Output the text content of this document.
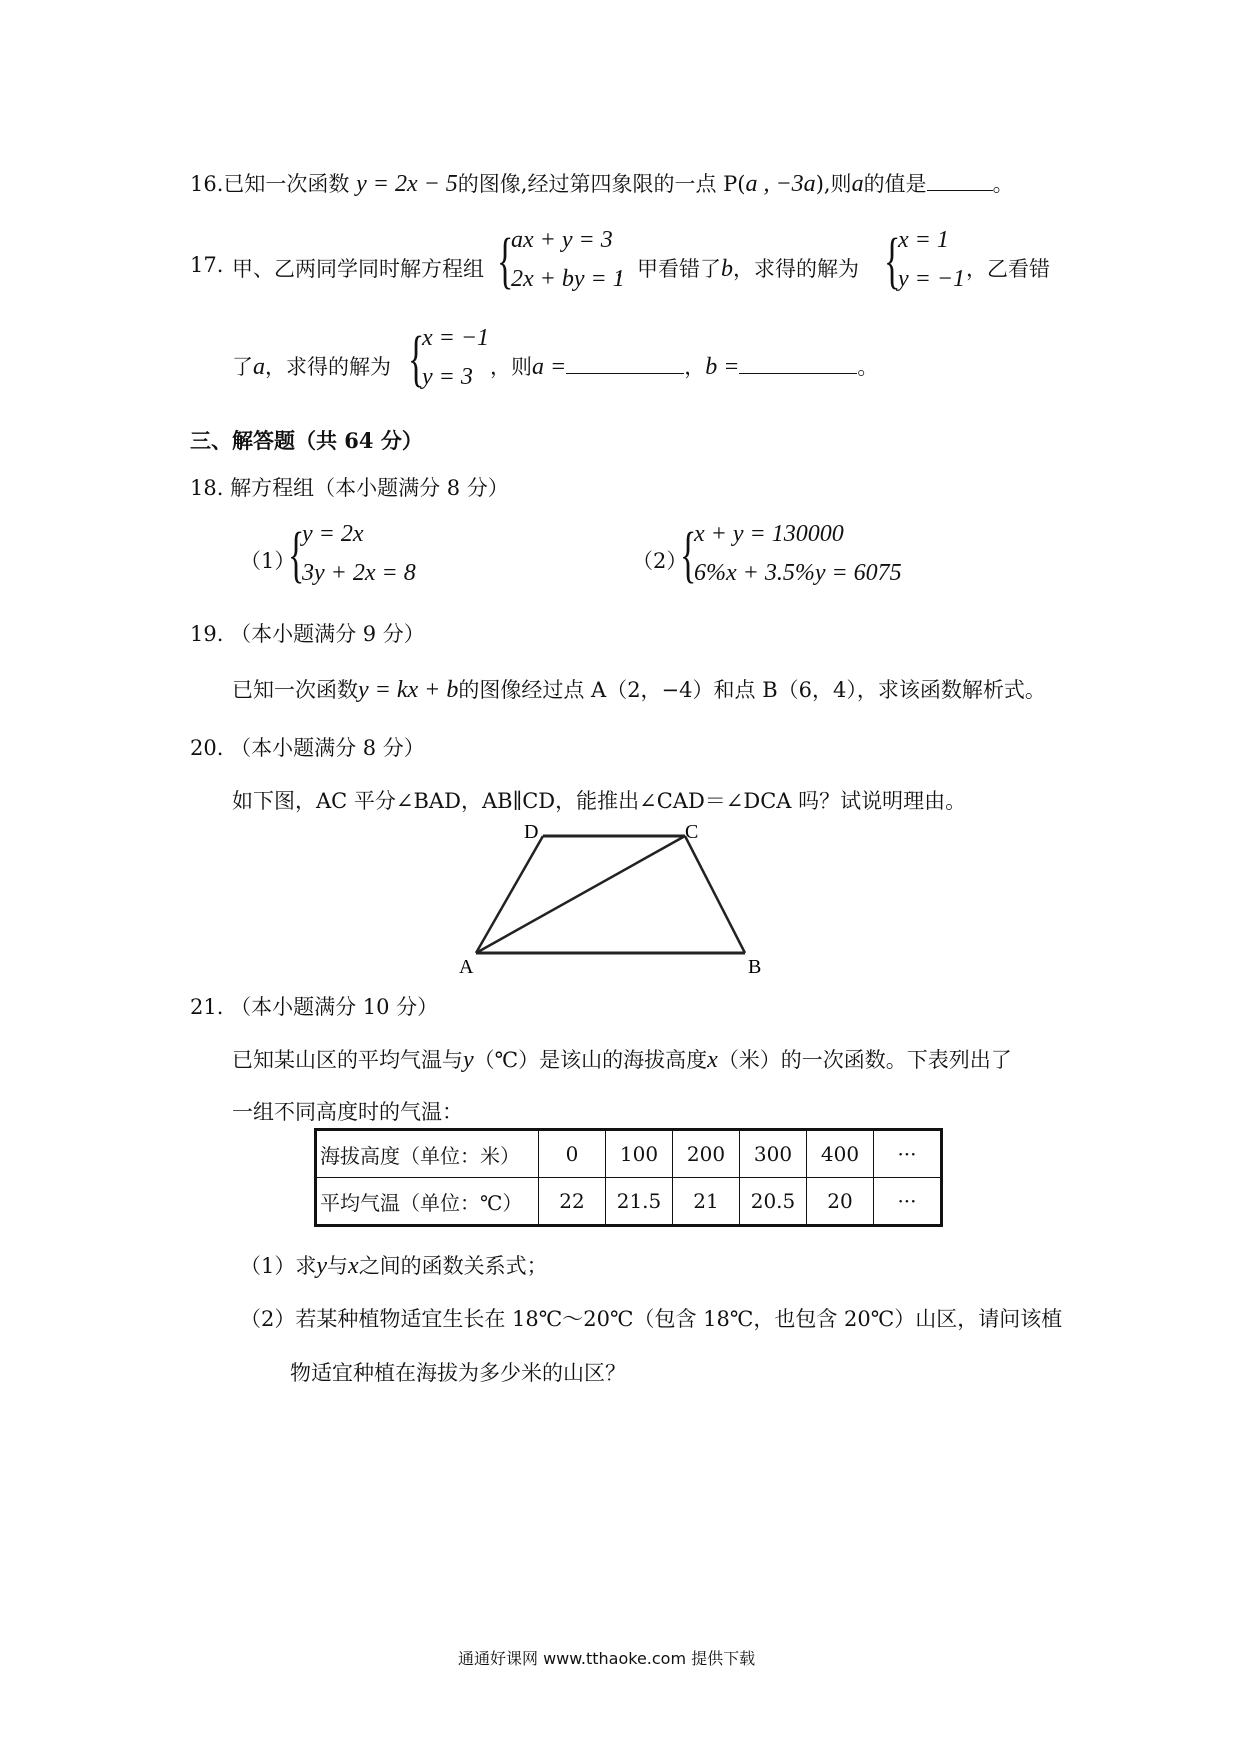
16.已知一次函数 y = 2x − 5的图像,经过第四象限的一点 P(a , −3a),则a的值是	。
17. 甲、乙两同学同时解方程组 {
ax + y = 3
2x + by = 1
，甲看错了b，求得的解为 {
x = 1
y = −1 ，乙看错
了a，求得的解为 {
x = −1
y = 3 ，则a =	，b =	。
三、解答题（共 64 分）
18. 解方程组（本小题满分 8 分）
（1）
{
y = 2x
3y + 2x = 8	（2）
{
x + y = 130000
6%x + 3.5%y = 6075
19. （本小题满分 9 分）
已知一次函数y = kx + b的图像经过点 A（2，−4）和点 B（6，4），求该函数解析式。
20. （本小题满分 8 分）
如下图，AC 平分∠BAD，AB∥CD，能推出∠CAD＝∠DCA 吗？试说明理由。
D	C
A	B
21. （本小题满分 10 分）
已知某山区的平均气温与y（℃）是该山的海拔高度x（米）的一次函数。下表列出了
一组不同高度时的气温：
海拔高度（单位：米）	0	100	200	300	400	···
平均气温（单位：℃）	22	21.5	21	20.5	20	···
（1）求y与x之间的函数关系式；
（2）若某种植物适宜生长在 18℃～20℃（包含 18℃，也包含 20℃）山区，请问该植
物适宜种植在海拔为多少米的山区？
通通好课网 www.tthaoke.com 提供下载
